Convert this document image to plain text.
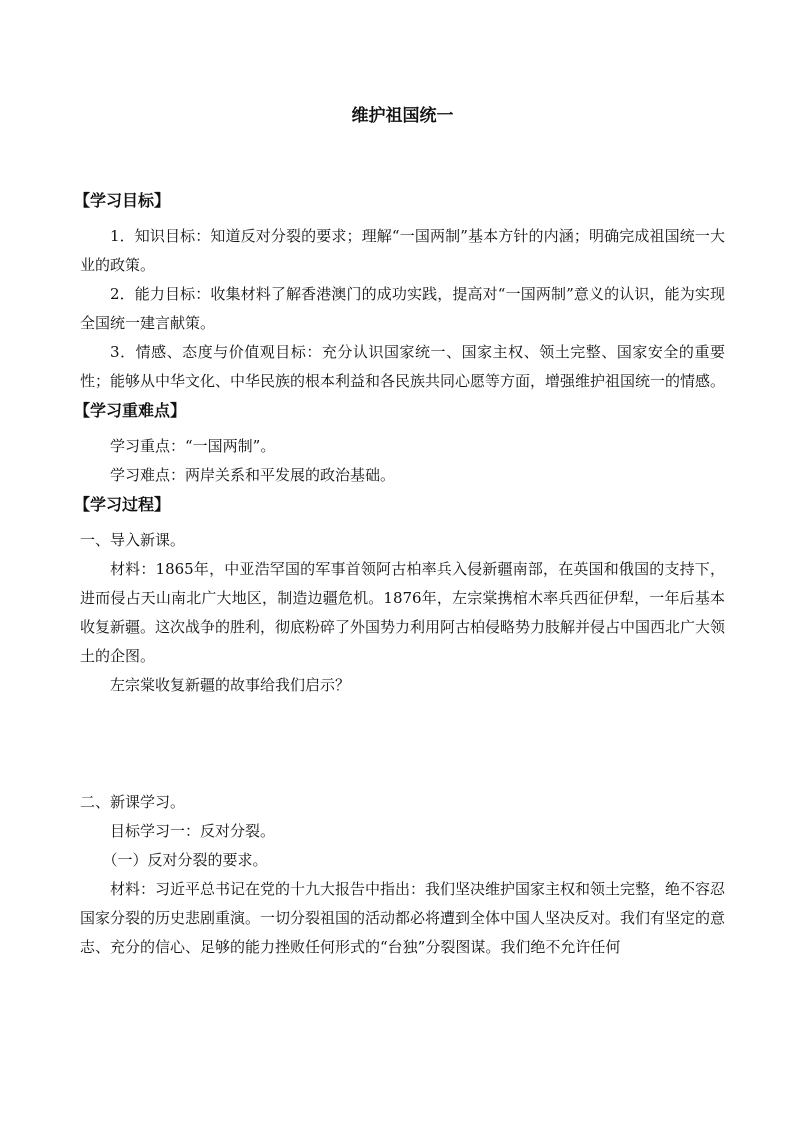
维护祖国统一
【学习目标】

1．知识目标：知道反对分裂的要求；理解“一国两制”基本方针的内涵；明确完成祖国统一大业的政策。

2．能力目标：收集材料了解香港澳门的成功实践，提高对“一国两制”意义的认识，能为实现全国统一建言献策。

3．情感、态度与价值观目标：充分认识国家统一、国家主权、领土完整、国家安全的重要性；能够从中华文化、中华民族的根本利益和各民族共同心愿等方面，增强维护祖国统一的情感。

【学习重难点】

学习重点：“一国两制”。

学习难点：两岸关系和平发展的政治基础。

【学习过程】

一、导入新课。

材料：1865年，中亚浩罕国的军事首领阿古柏率兵入侵新疆南部，在英国和俄国的支持下，进而侵占天山南北广大地区，制造边疆危机。1876年，左宗棠携棺木率兵西征伊犁，一年后基本收复新疆。这次战争的胜利，彻底粉碎了外国势力利用阿古柏侵略势力肢解并侵占中国西北广大领土的企图。

左宗棠收复新疆的故事给我们启示？

二、新课学习。

目标学习一：反对分裂。

（一）反对分裂的要求。

材料：习近平总书记在党的十九大报告中指出：我们坚决维护国家主权和领土完整，绝不容忍国家分裂的历史悲剧重演。一切分裂祖国的活动都必将遭到全体中国人坚决反对。我们有坚定的意志、充分的信心、足够的能力挫败任何形式的“台独”分裂图谋。我们绝不允许任何
